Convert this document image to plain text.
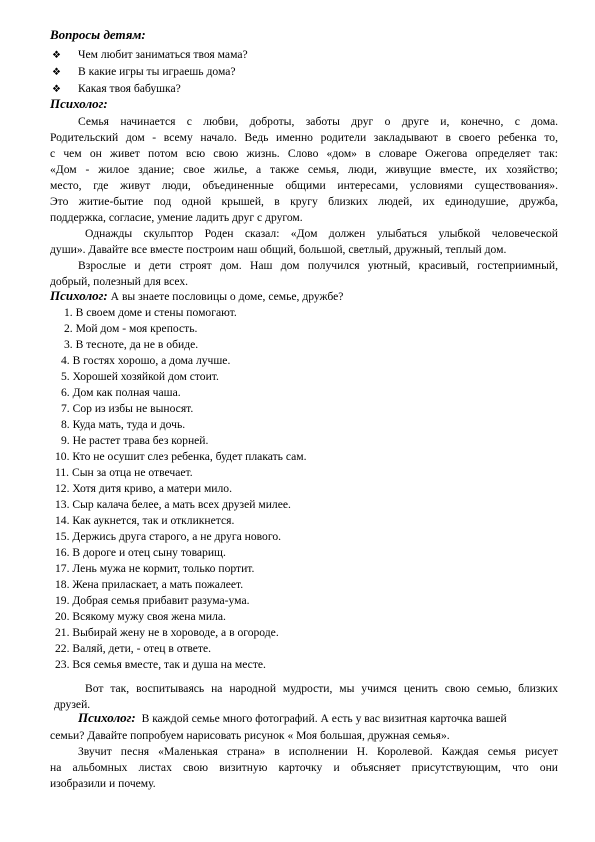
Вопросы детям:

❖ Чем любит заниматься твоя мама?

❖ В какие игры ты играешь дома?

❖ Какая твоя бабушка?

Психолог:

Семья начинается с любви, доброты, заботы друг о друге и, конечно, с дома.

Родительский дом - всему начало. Ведь именно родители закладывают в своего ребенка то,

с чем он живет потом всю свою жизнь. Слово «дом» в словаре Ожегова определяет так:

«Дом - жилое здание; свое жилье, а также семья, люди, живущие вместе, их хозяйство;

место, где живут люди, объединенные общими интересами, условиями существования».

Это житие-бытие под одной крышей, в кругу близких людей, их единодушие, дружба,

поддержка, согласие, умение ладить друг с другом.

Однажды скульптор Роден сказал: «Дом должен улыбаться улыбкой человеческой

души». Давайте все вместе построим наш общий, большой, светлый, дружный, теплый дом.

Взрослые и дети строят дом. Наш дом получился уютный, красивый, гостеприимный,

добрый, полезный для всех.

Психолог: А вы знаете пословицы о доме, семье, дружбе?

1. В своем доме и стены помогают.

2. Мой дом - моя крепость.

3. В тесноте, да не в обиде.

4. В гостях хорошо, а дома лучше.

5. Хорошей хозяйкой дом стоит.

6. Дом как полная чаша.

7. Сор из избы не выносят.

8. Куда мать, туда и дочь.

9. Не растет трава без корней.

10. Кто не осушит слез ребенка, будет плакать сам.

11. Сын за отца не отвечает.

12. Хотя дитя криво, а матери мило.

13. Сыр калача белее, а мать всех друзей милее.

14. Как аукнется, так и откликнется.

15. Держись друга старого, а не друга нового.

16. В дороге и отец сыну товарищ.

17. Лень мужа не кормит, только портит.

18. Жена приласкает, а мать пожалеет.

19. Добрая семья прибавит разума-ума.

20. Всякому мужу своя жена мила.

21. Выбирай жену не в хороводе, а в огороде.

22. Валяй, дети, - отец в ответе.

23. Вся семья вместе, так и душа на месте.

Вот так, воспитываясь на народной мудрости, мы учимся ценить свою семью, близких

друзей.

Психолог: В каждой семье много фотографий. А есть у вас визитная карточка вашей

семьи? Давайте попробуем нарисовать рисунок « Моя большая, дружная семья».

Звучит песня «Маленькая страна» в исполнении Н. Королевой. Каждая семья рисует

на альбомных листах свою визитную карточку и объясняет присутствующим, что они

изобразили и почему.
